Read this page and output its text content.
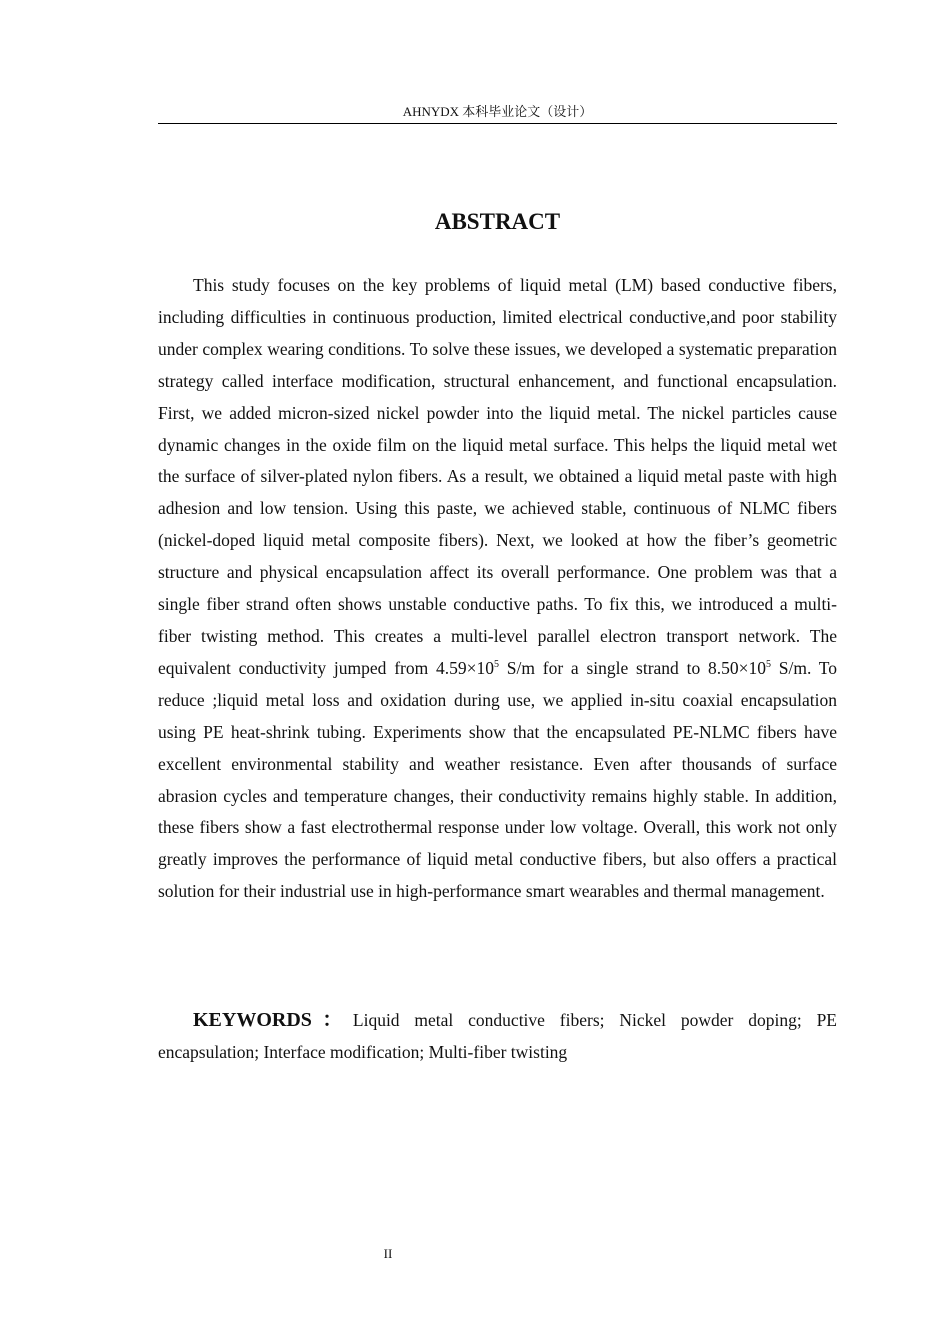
AHNYDX 本科毕业论文（设计）
ABSTRACT

This study focuses on the key problems of liquid metal (LM) based conductive fibers, including difficulties in continuous production, limited electrical conductive,and poor stability under complex wearing conditions. To solve these issues, we developed a systematic preparation strategy called interface modification, structural enhancement, and functional encapsulation. First, we added micron-sized nickel powder into the liquid metal. The nickel particles cause dynamic changes in the oxide film on the liquid metal surface. This helps the liquid metal wet the surface of silver-plated nylon fibers. As a result, we obtained a liquid metal paste with high adhesion and low tension. Using this paste, we achieved stable, continuous of NLMC fibers (nickel-doped liquid metal composite fibers). Next, we looked at how the fiber’s geometric structure and physical encapsulation affect its overall performance. One problem was that a single fiber strand often shows unstable conductive paths. To fix this, we introduced a multi-fiber twisting method. This creates a multi-level parallel electron transport network. The equivalent conductivity jumped from $4.59\times 10^5$ S/m for a single strand to $8.50\times 10^5$ S/m. To reduce ;liquid metal loss and oxidation during use, we applied in-situ coaxial encapsulation using PE heat-shrink tubing. Experiments show that the encapsulated PE-NLMC fibers have excellent environmental stability and weather resistance. Even after thousands of surface abrasion cycles and temperature changes, their conductivity remains highly stable. In addition, these fibers show a fast electrothermal response under low voltage. Overall, this work not only greatly improves the performance of liquid metal conductive fibers, but also offers a practical solution for their industrial use in high-performance smart wearables and thermal management.

KEYWORDS：Liquid metal conductive fibers; Nickel powder doping; PE encapsulation; Interface modification; Multi-fiber twisting

II
